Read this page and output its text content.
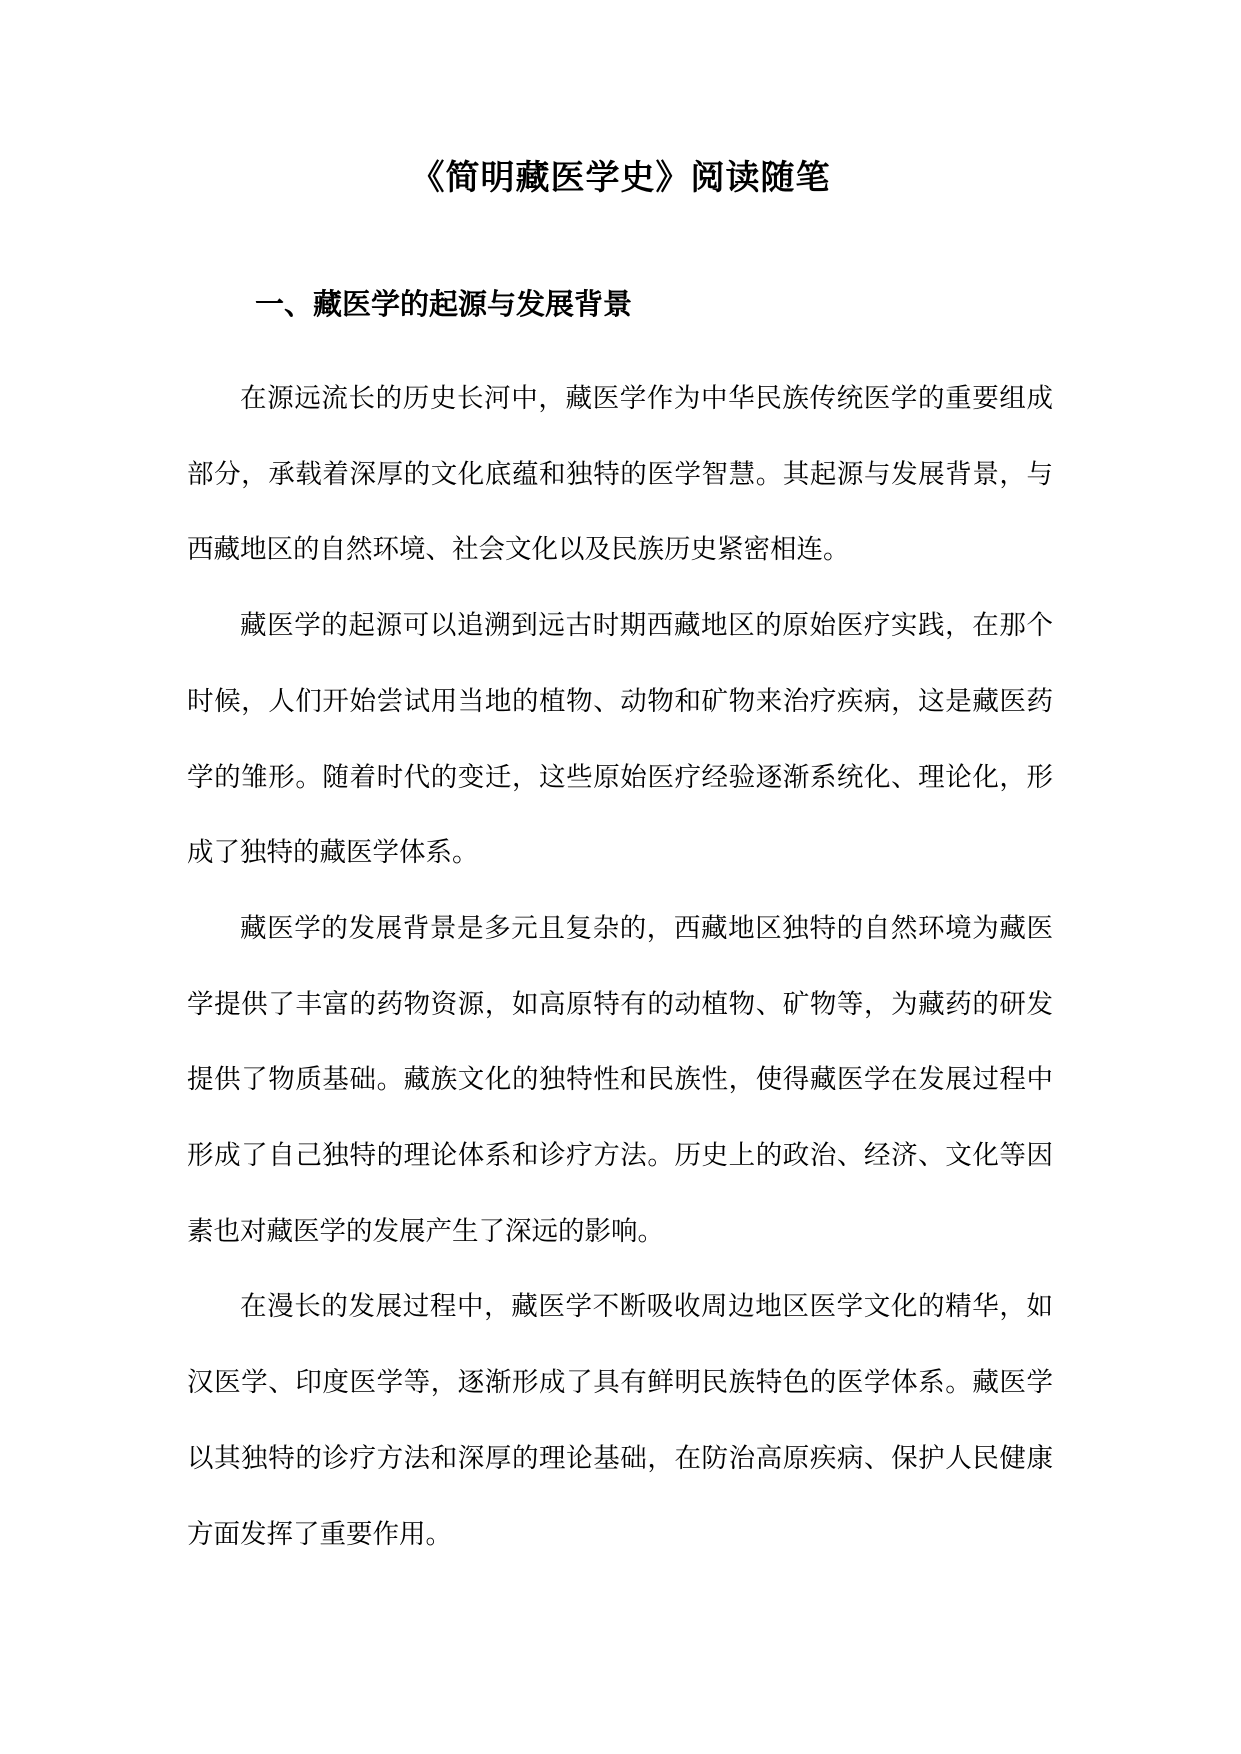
《简明藏医学史》阅读随笔
一、藏医学的起源与发展背景

在源远流长的历史长河中，藏医学作为中华民族传统医学的重要组成部分，承载着深厚的文化底蕴和独特的医学智慧。其起源与发展背景，与西藏地区的自然环境、社会文化以及民族历史紧密相连。

藏医学的起源可以追溯到远古时期西藏地区的原始医疗实践，在那个时候，人们开始尝试用当地的植物、动物和矿物来治疗疾病，这是藏医药学的雏形。随着时代的变迁，这些原始医疗经验逐渐系统化、理论化，形成了独特的藏医学体系。

藏医学的发展背景是多元且复杂的，西藏地区独特的自然环境为藏医学提供了丰富的药物资源，如高原特有的动植物、矿物等，为藏药的研发提供了物质基础。藏族文化的独特性和民族性，使得藏医学在发展过程中形成了自己独特的理论体系和诊疗方法。历史上的政治、经济、文化等因素也对藏医学的发展产生了深远的影响。

在漫长的发展过程中，藏医学不断吸收周边地区医学文化的精华，如汉医学、印度医学等，逐渐形成了具有鲜明民族特色的医学体系。藏医学以其独特的诊疗方法和深厚的理论基础，在防治高原疾病、保护人民健康方面发挥了重要作用。
